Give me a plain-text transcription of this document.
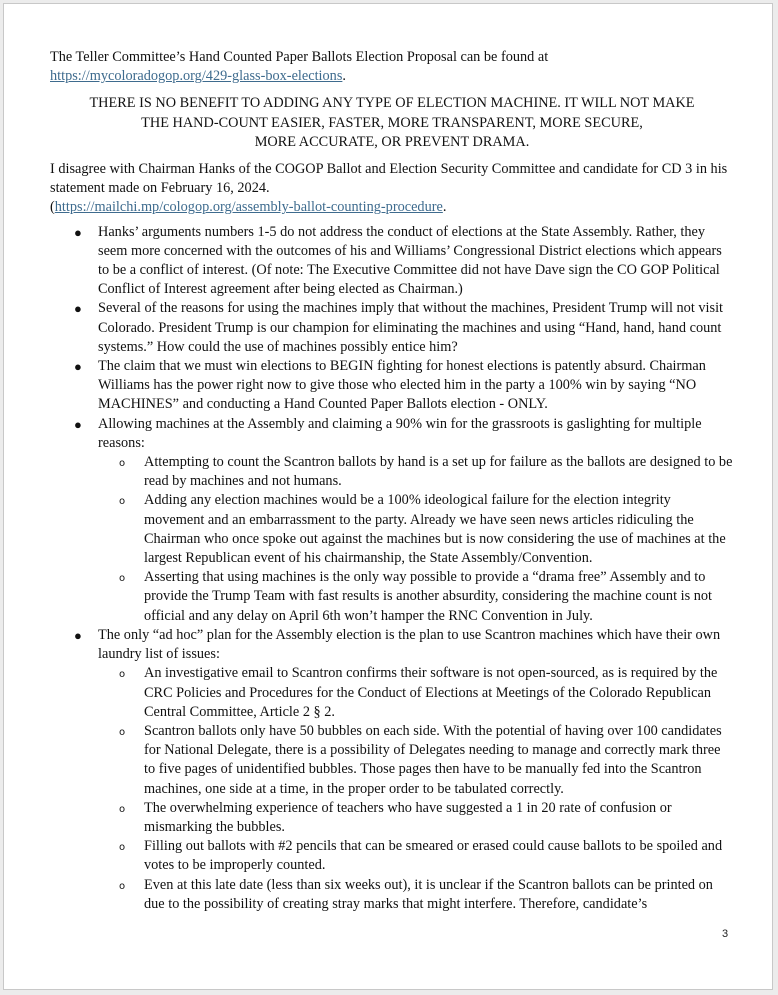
The Teller Committee’s Hand Counted Paper Ballots Election Proposal can be found at
https://mycoloradogop.org/429-glass-box-elections.

THERE IS NO BENEFIT TO ADDING ANY TYPE OF ELECTION MACHINE. IT WILL NOT MAKE
THE HAND-COUNT EASIER, FASTER, MORE TRANSPARENT, MORE SECURE,
MORE ACCURATE, OR PREVENT DRAMA.

I disagree with Chairman Hanks of the COGOP Ballot and Election Security Committee and candidate for CD 3 in his statement made on February 16, 2024.
(https://mailchi.mp/cologop.org/assembly-ballot-counting-procedure.

● Hanks’ arguments numbers 1-5 do not address the conduct of elections at the State Assembly. Rather, they seem more concerned with the outcomes of his and Williams’ Congressional District elections which appears to be a conflict of interest. (Of note: The Executive Committee did not have Dave sign the CO GOP Political Conflict of Interest agreement after being elected as Chairman.)
● Several of the reasons for using the machines imply that without the machines, President Trump will not visit Colorado. President Trump is our champion for eliminating the machines and using “Hand, hand, hand count systems.” How could the use of machines possibly entice him?
● The claim that we must win elections to BEGIN fighting for honest elections is patently absurd. Chairman Williams has the power right now to give those who elected him in the party a 100% win by saying “NO MACHINES” and conducting a Hand Counted Paper Ballots election - ONLY.
● Allowing machines at the Assembly and claiming a 90% win for the grassroots is gaslighting for multiple reasons:
o Attempting to count the Scantron ballots by hand is a set up for failure as the ballots are designed to be read by machines and not humans.
o Adding any election machines would be a 100% ideological failure for the election integrity movement and an embarrassment to the party. Already we have seen news articles ridiculing the Chairman who once spoke out against the machines but is now considering the use of machines at the largest Republican event of his chairmanship, the State Assembly/Convention.
o Asserting that using machines is the only way possible to provide a “drama free” Assembly and to provide the Trump Team with fast results is another absurdity, considering the machine count is not official and any delay on April 6th won’t hamper the RNC Convention in July.
● The only “ad hoc” plan for the Assembly election is the plan to use Scantron machines which have their own laundry list of issues:
o An investigative email to Scantron confirms their software is not open-sourced, as is required by the CRC Policies and Procedures for the Conduct of Elections at Meetings of the Colorado Republican Central Committee, Article 2 § 2.
o Scantron ballots only have 50 bubbles on each side. With the potential of having over 100 candidates for National Delegate, there is a possibility of Delegates needing to manage and correctly mark three to five pages of unidentified bubbles. Those pages then have to be manually fed into the Scantron machines, one side at a time, in the proper order to be tabulated correctly.
o The overwhelming experience of teachers who have suggested a 1 in 20 rate of confusion or mismarking the bubbles.
o Filling out ballots with #2 pencils that can be smeared or erased could cause ballots to be spoiled and votes to be improperly counted.
o Even at this late date (less than six weeks out), it is unclear if the Scantron ballots can be printed on due to the possibility of creating stray marks that might interfere. Therefore, candidate’s
3
